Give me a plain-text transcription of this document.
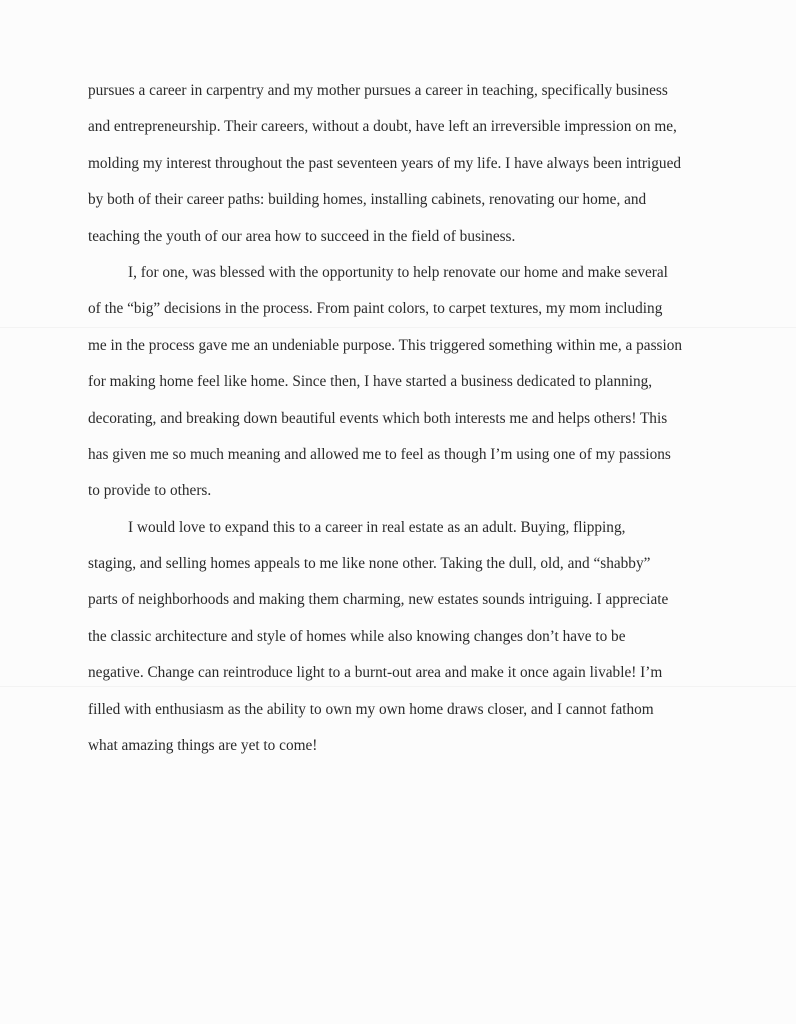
pursues a career in carpentry and my mother pursues a career in teaching, specifically business
and entrepreneurship. Their careers, without a doubt, have left an irreversible impression on me,
molding my interest throughout the past seventeen years of my life. I have always been intrigued
by both of their career paths: building homes, installing cabinets, renovating our home, and
teaching the youth of our area how to succeed in the field of business.
I, for one, was blessed with the opportunity to help renovate our home and make several
of the “big” decisions in the process. From paint colors, to carpet textures, my mom including
me in the process gave me an undeniable purpose. This triggered something within me, a passion
for making home feel like home. Since then, I have started a business dedicated to planning,
decorating, and breaking down beautiful events which both interests me and helps others! This
has given me so much meaning and allowed me to feel as though I’m using one of my passions
to provide to others.
I would love to expand this to a career in real estate as an adult. Buying, flipping,
staging, and selling homes appeals to me like none other. Taking the dull, old, and “shabby”
parts of neighborhoods and making them charming, new estates sounds intriguing. I appreciate
the classic architecture and style of homes while also knowing changes don’t have to be
negative. Change can reintroduce light to a burnt-out area and make it once again livable! I’m
filled with enthusiasm as the ability to own my own home draws closer, and I cannot fathom
what amazing things are yet to come!
